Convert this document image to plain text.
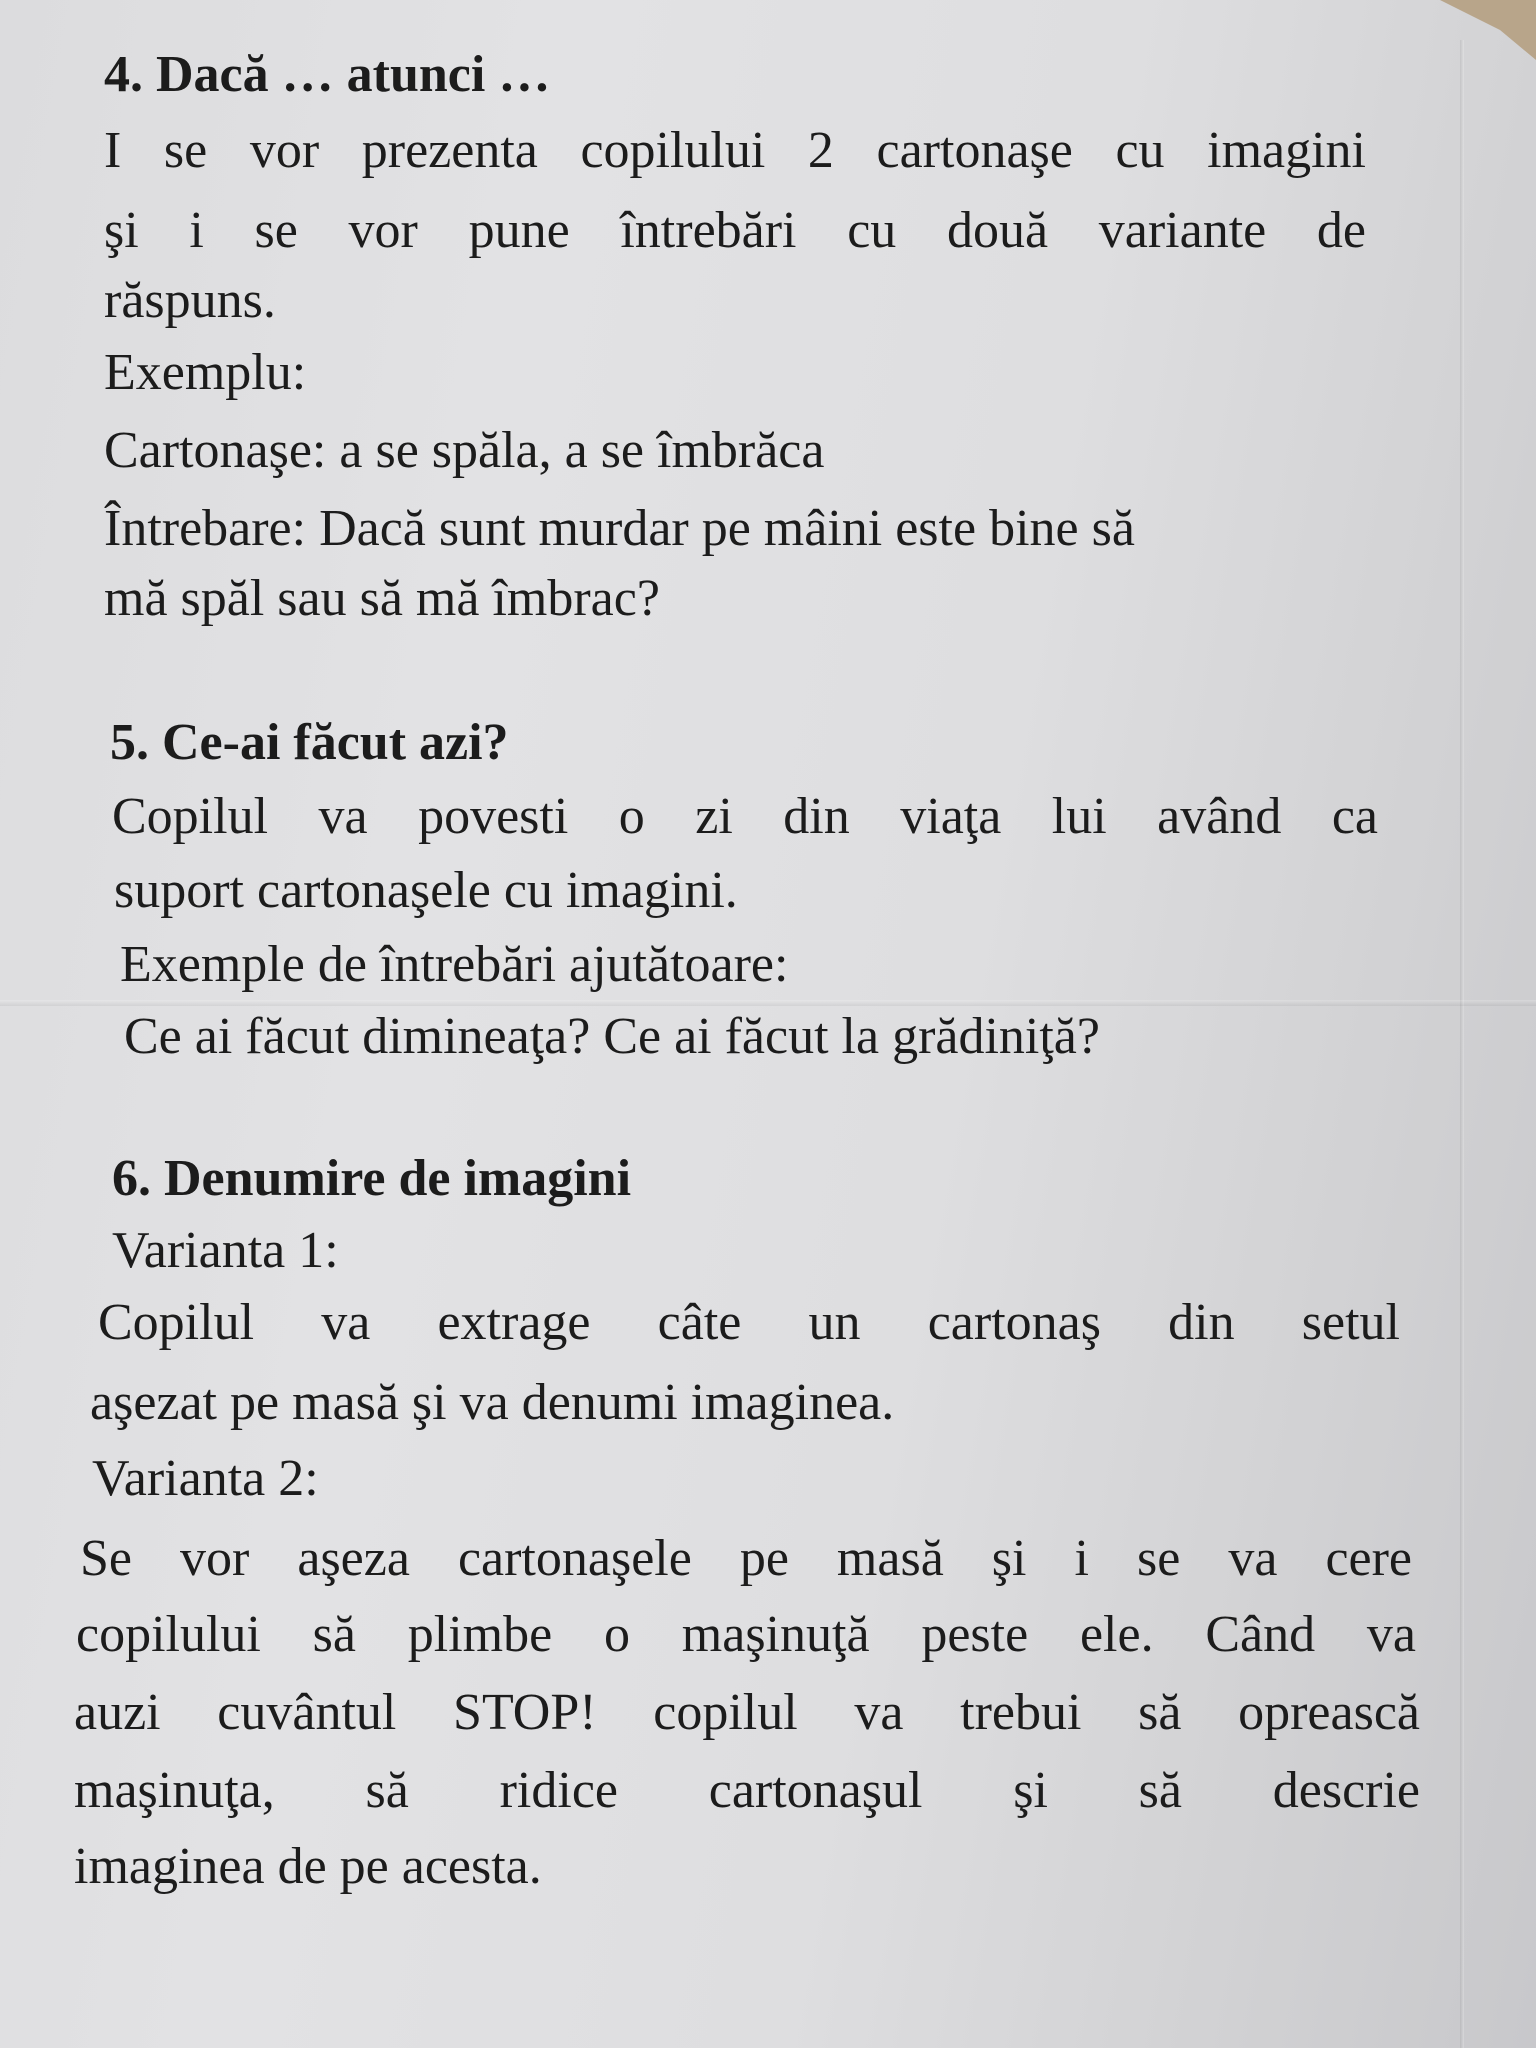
4. Dacă … atunci …

I se vor prezenta copilului 2 cartonaşe cu imagini

şi i se vor pune întrebări cu două variante de

răspuns.

Exemplu:

Cartonaşe: a se spăla, a se îmbrăca

Întrebare: Dacă sunt murdar pe mâini este bine să

mă spăl sau să mă îmbrac?

5. Ce-ai făcut azi?

Copilul va povesti o zi din viaţa lui având ca

suport cartonaşele cu imagini.

Exemple de întrebări ajutătoare:

Ce ai făcut dimineaţa? Ce ai făcut la grădiniţă?

6. Denumire de imagini

Varianta 1:

Copilul va extrage câte un cartonaş din setul

aşezat pe masă şi va denumi imaginea.

Varianta 2:

Se vor aşeza cartonaşele pe masă şi i se va cere

copilului să plimbe o maşinuţă peste ele. Când va

auzi cuvântul STOP! copilul va trebui să oprească

maşinuţa, să ridice cartonaşul şi să descrie

imaginea de pe acesta.
